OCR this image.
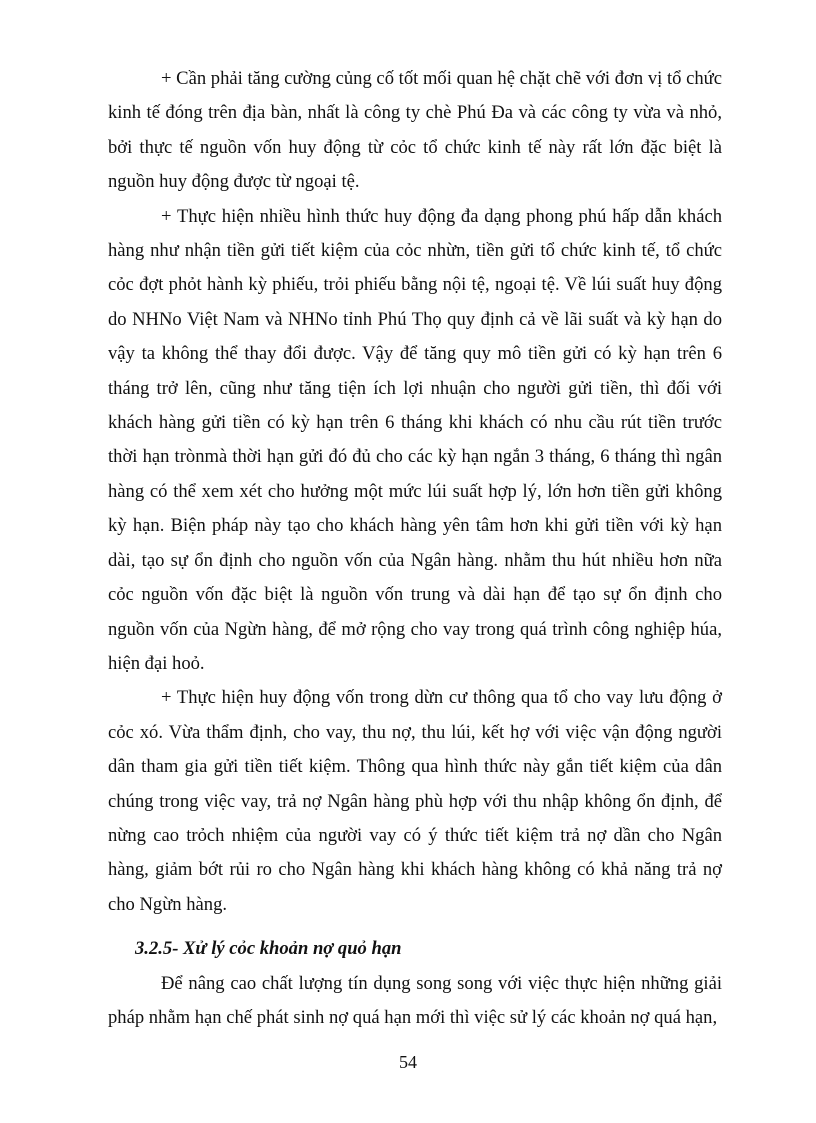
+ Cần phải tăng cường củng cố tốt mối quan hệ chặt chẽ với đơn vị tổ chức kinh tế đóng trên địa bàn, nhất là công ty chè Phú Đa và các công ty vừa và nhỏ, bởi thực tế nguồn vốn huy động từ cỏc tổ chức kinh tế này rất lớn đặc biệt là nguồn huy động được từ ngoại tệ.

+ Thực hiện nhiều hình thức huy động đa dạng phong phú hấp dẫn khách hàng như nhận tiền gửi tiết kiệm của cỏc nhừn, tiền gửi tổ chức kinh tế, tổ chức cỏc đợt phỏt hành kỳ phiếu, trỏi phiếu bằng nội tệ, ngoại tệ. Về lúi suất huy động do NHNo Việt Nam và NHNo tỉnh Phú Thọ quy định cả về lãi suất và kỳ hạn do vậy ta không thể thay đổi được. Vậy để tăng quy mô tiền gửi có kỳ hạn trên 6 tháng trở lên, cũng như tăng tiện ích lợi nhuận cho người gửi tiền, thì đối với khách hàng gửi tiền có kỳ hạn trên 6 tháng khi khách có nhu cầu rút tiền trước thời hạn trònmà thời hạn gửi đó đủ cho các kỳ hạn ngắn 3 tháng, 6 tháng thì ngân hàng có thể xem xét cho hưởng một mức lúi suất hợp lý, lớn hơn tiền gửi không kỳ hạn. Biện pháp này tạo cho khách hàng yên tâm hơn khi gửi tiền với kỳ hạn dài, tạo sự ổn định cho nguồn vốn của Ngân hàng. nhằm thu hút nhiều hơn nữa cỏc nguồn vốn đặc biệt là nguồn vốn trung và dài hạn để tạo sự ổn định cho nguồn vốn của Ngừn hàng, để mở rộng cho vay trong quá trình công nghiệp húa, hiện đại hoỏ.

+ Thực hiện huy động vốn trong dừn cư thông qua tổ cho vay lưu động ở cỏc xó. Vừa thẩm định, cho vay, thu nợ, thu lúi, kết hợ với việc vận động người dân tham gia gửi tiền tiết kiệm. Thông qua hình thức này gắn tiết kiệm của dân chúng trong việc vay, trả nợ Ngân hàng phù hợp với thu nhập không ổn định, để nừng cao trỏch nhiệm của người vay có ý thức tiết kiệm trả nợ dần cho Ngân hàng, giảm bớt rủi ro cho Ngân hàng khi khách hàng không có khả năng trả nợ cho Ngừn hàng.

3.2.5- Xử lý cỏc khoản nợ quỏ hạn

Để nâng cao chất lượng tín dụng song song với việc thực hiện những giải pháp nhằm hạn chế phát sinh nợ quá hạn mới thì việc sử lý các khoản nợ quá hạn,

54
